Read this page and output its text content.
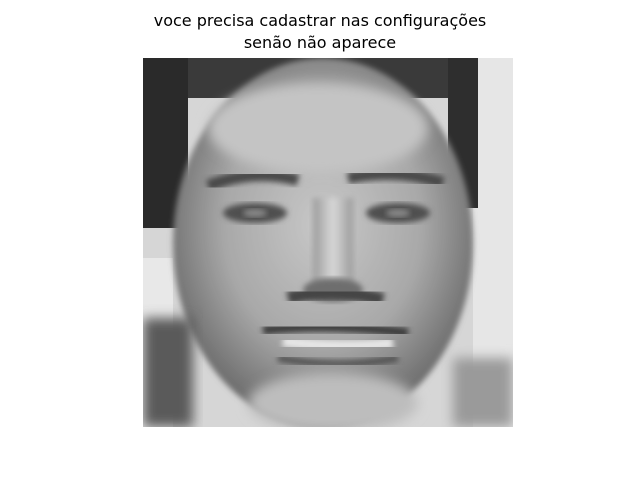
voce precisa cadastrar nas configurações
senão não aparece
